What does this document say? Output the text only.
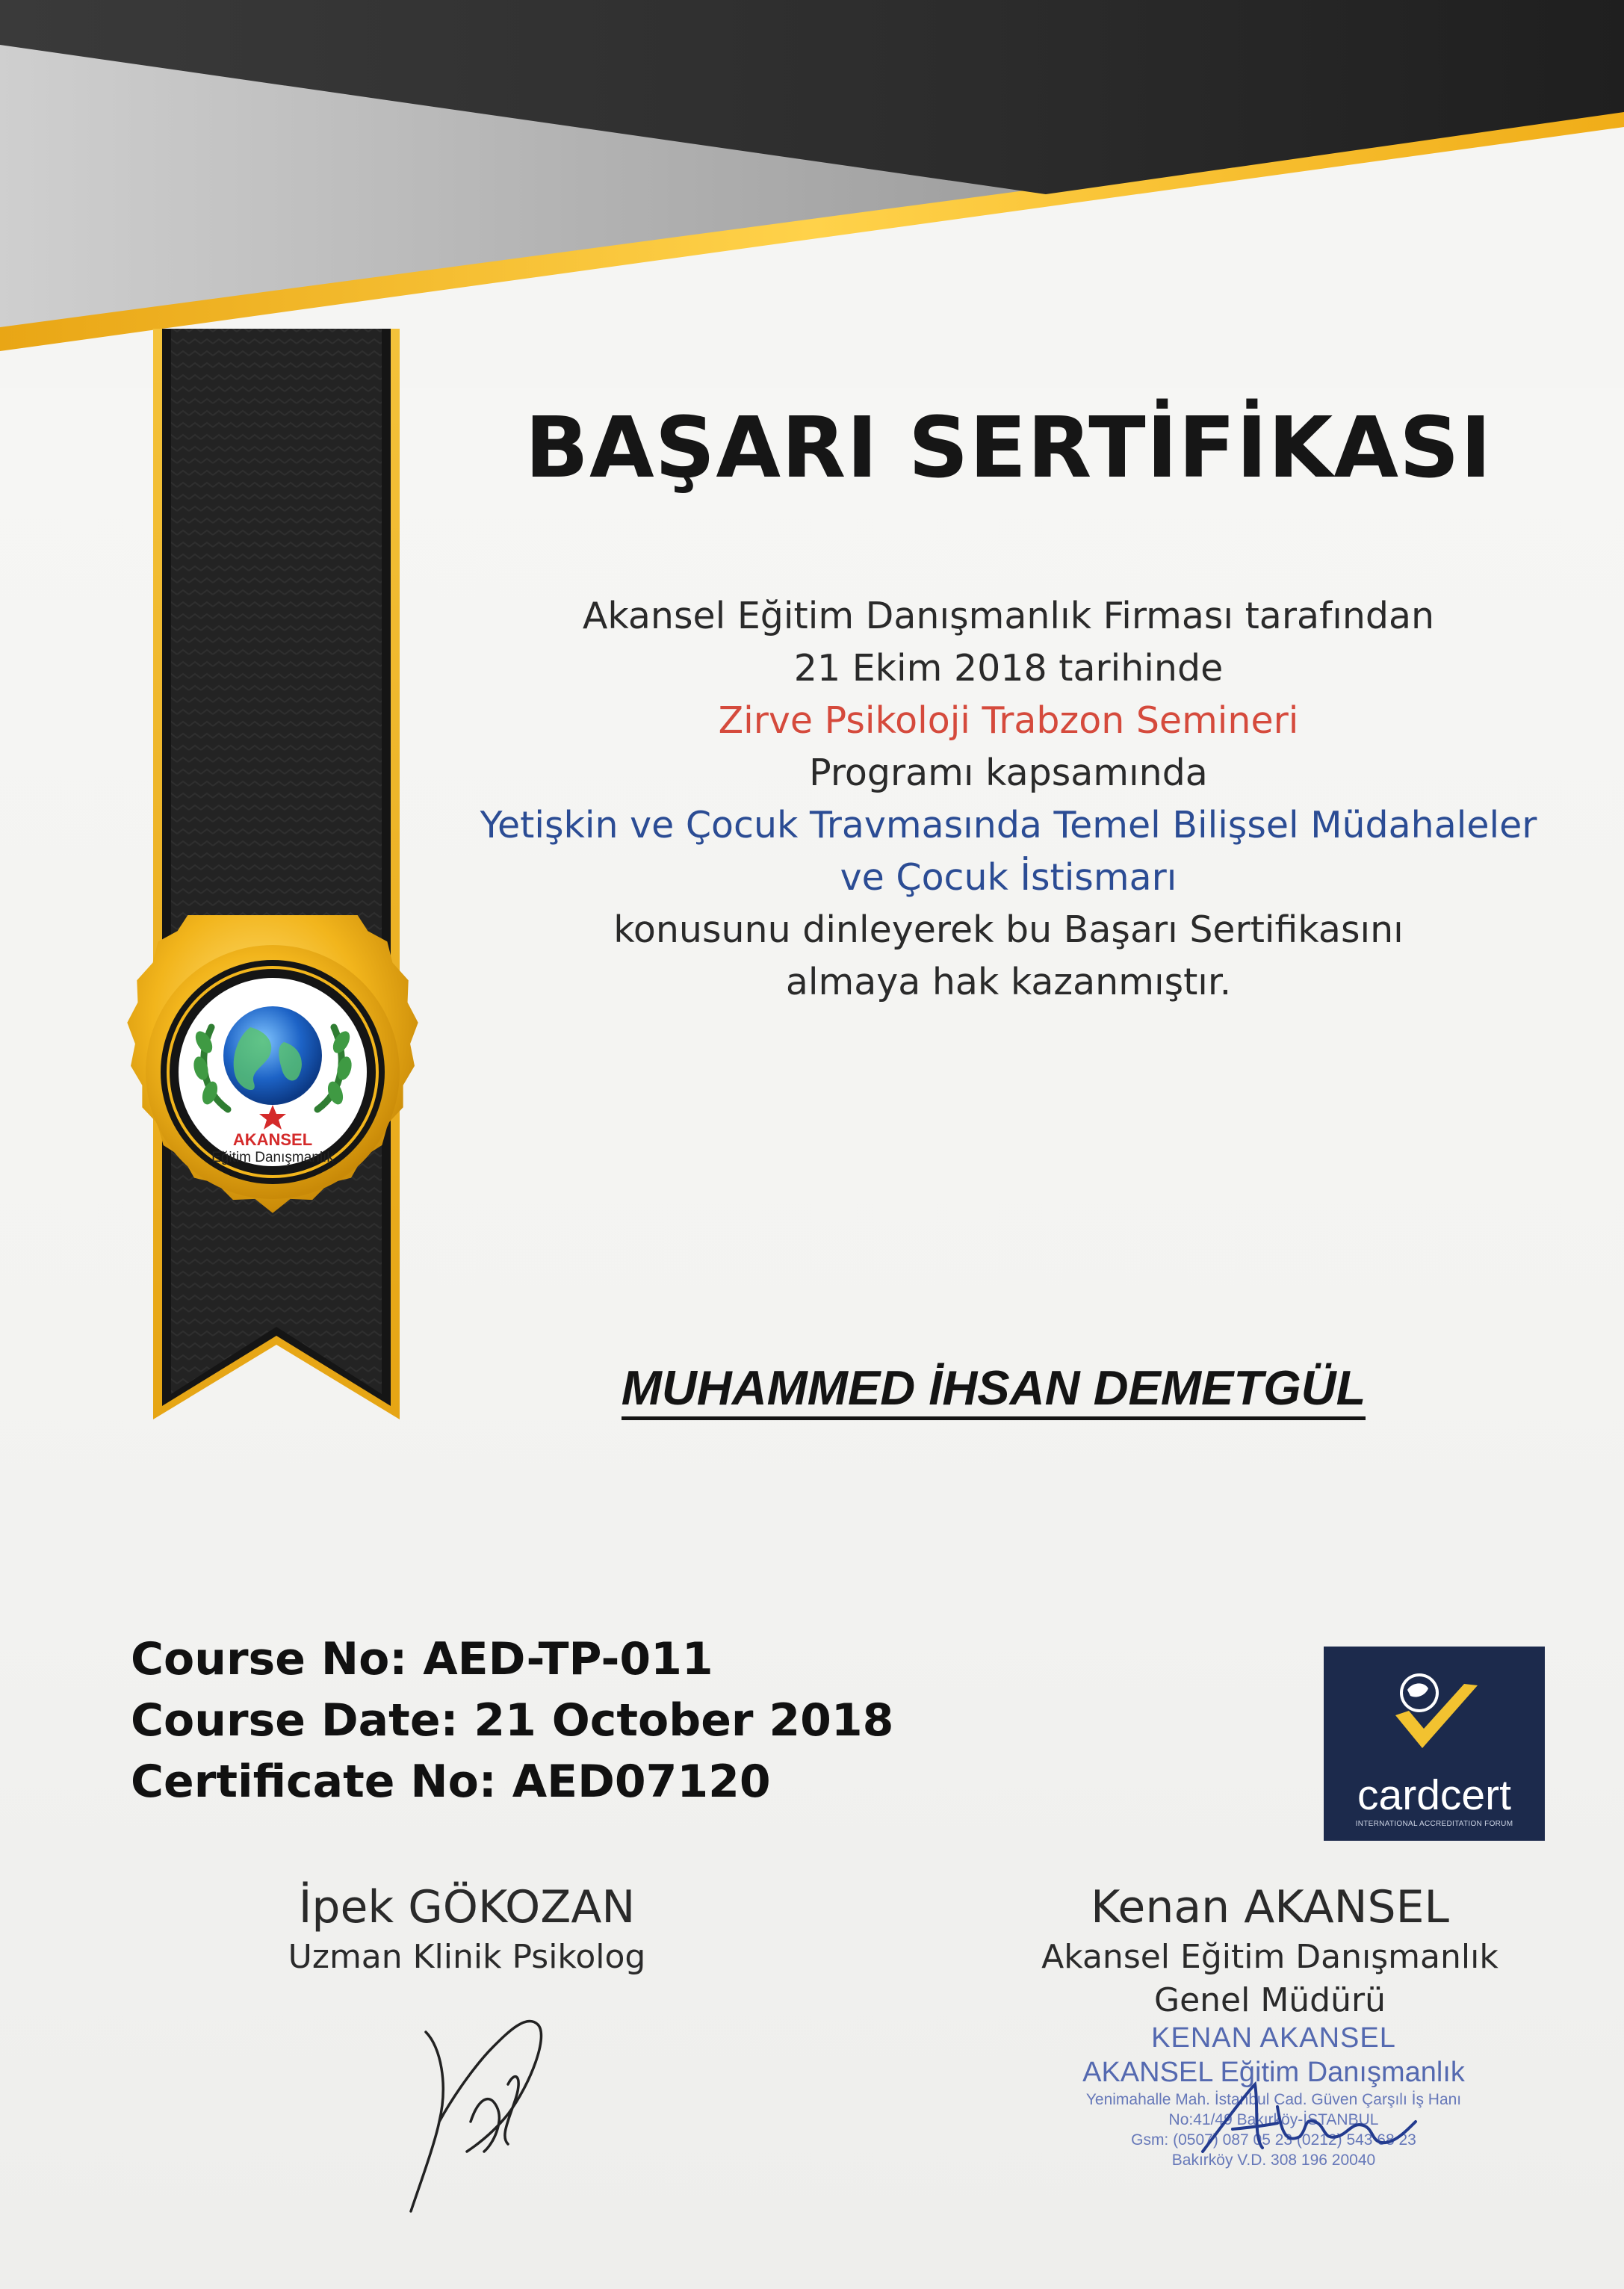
AKANSEL
Eğitim Danışmanlık
BAŞARI SERTİFİKASI
Akansel Eğitim Danışmanlık Firması tarafından
21 Ekim 2018 tarihinde
Zirve Psikoloji Trabzon Semineri
Programı kapsamında
Yetişkin ve Çocuk Travmasında Temel Bilişsel Müdahaleler
ve Çocuk İstismarı
konusunu dinleyerek bu Başarı Sertifikasını
almaya hak kazanmıştır.
MUHAMMED İHSAN DEMETGÜL
Course No: AED-TP-011
Course Date: 21 October 2018
Certificate No: AED07120	cardcert
INTERNATIONAL ACCREDITATION FORUM
İpek GÖKOZAN
Uzman Klinik Psikolog
Kenan AKANSEL
Akansel Eğitim Danışmanlık
Genel Müdürü
KENAN AKANSEL
AKANSEL Eğitim Danışmanlık
Yenimahalle Mah. İstanbul Cad. Güven Çarşılı İş Hanı
No:41/49 Bakırköy-İSTANBUL
Gsm: (0507) 087 05 23 (0212) 543 68 23
Bakırköy V.D. 308 196 20040
